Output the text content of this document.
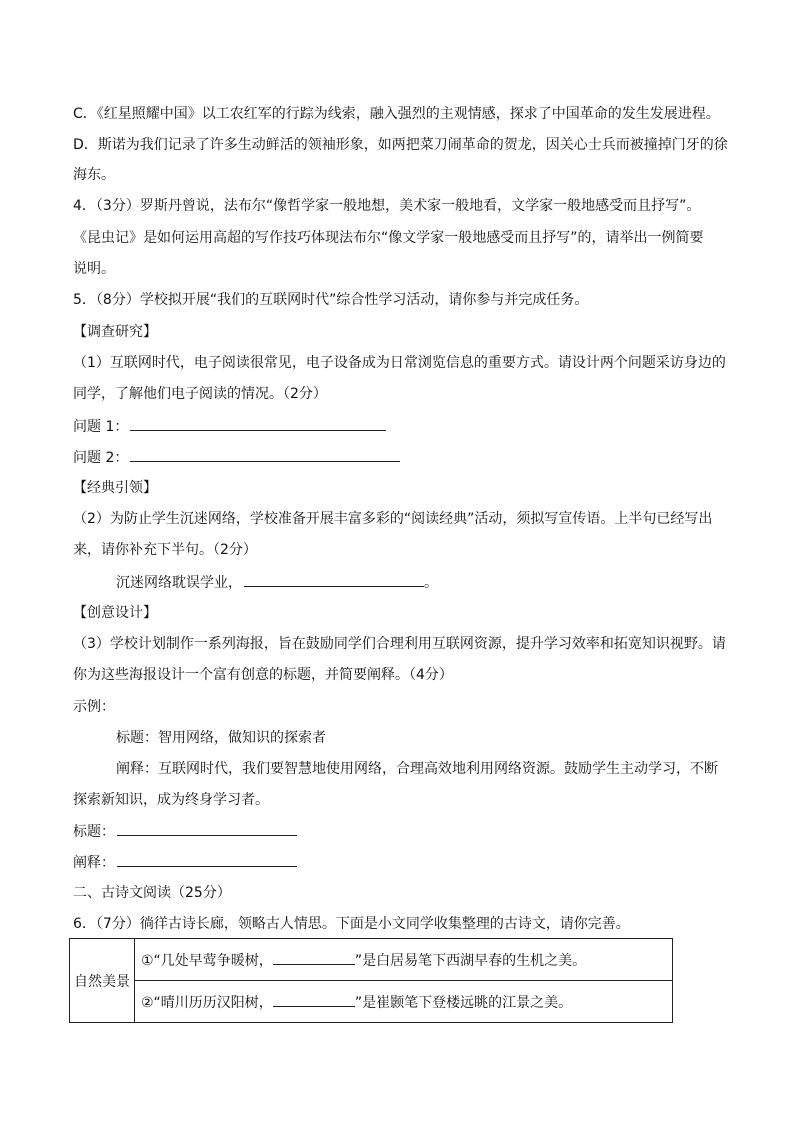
C．《红星照耀中国》以工农红军的行踪为线索，融入强烈的主观情感，探求了中国革命的发生发展进程。
D．斯诺为我们记录了许多生动鲜活的领袖形象，如两把菜刀闹革命的贺龙，因关心士兵而被撞掉门牙的徐
海东。
4．（3分）罗斯丹曾说，法布尔“像哲学家一般地想，美术家一般地看，文学家一般地感受而且抒写”。
《昆虫记》是如何运用高超的写作技巧体现法布尔“像文学家一般地感受而且抒写”的，请举出一例简要
说明。
5．（8分）学校拟开展“我们的互联网时代”综合性学习活动，请你参与并完成任务。
【调查研究】
（1）互联网时代，电子阅读很常见，电子设备成为日常浏览信息的重要方式。请设计两个问题采访身边的
同学，了解他们电子阅读的情况。（2分）
问题 1：
问题 2：
【经典引领】
（2）为防止学生沉迷网络，学校准备开展丰富多彩的“阅读经典”活动，须拟写宣传语。上半句已经写出
来，请你补充下半句。（2分）
沉迷网络耽误学业，	。
【创意设计】
（3）学校计划制作一系列海报，旨在鼓励同学们合理利用互联网资源，提升学习效率和拓宽知识视野。请
你为这些海报设计一个富有创意的标题，并简要阐释。（4分）
示例：
标题：智用网络，做知识的探索者
阐释：互联网时代，我们要智慧地使用网络，合理高效地利用网络资源。鼓励学生主动学习，不断
探索新知识，成为终身学习者。
标题：
阐释：
二、古诗文阅读（25分）
6．（7分）徜徉古诗长廊，领略古人情思。下面是小文同学收集整理的古诗文，请你完善。
自然美景	①“几处早莺争暖树，	”是白居易笔下西湖早春的生机之美。
②“晴川历历汉阳树，	”是崔颢笔下登楼远眺的江景之美。
